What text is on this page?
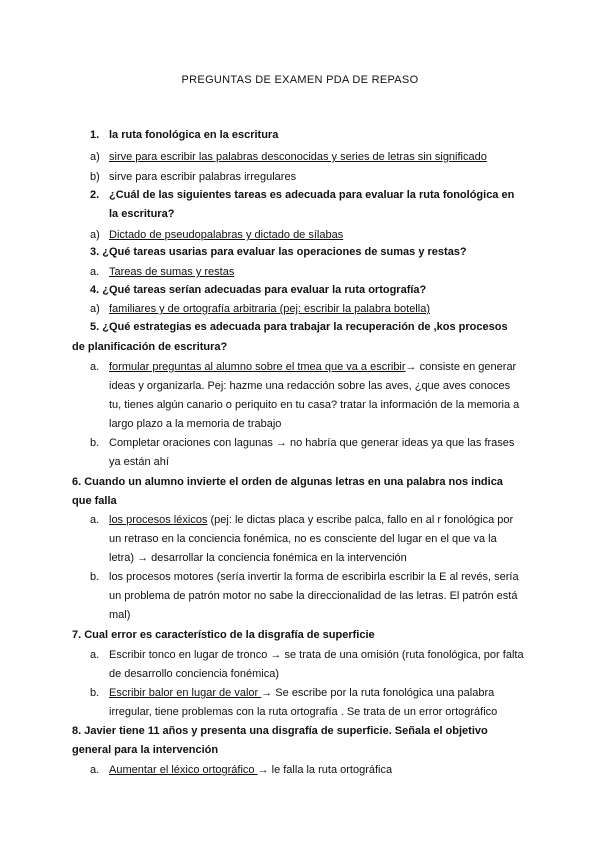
PREGUNTAS DE EXAMEN PDA DE REPASO
1. la ruta fonológica en la escritura
a) sirve para escribir las palabras desconocidas y series de letras sin significado
b) sirve para escribir palabras irregulares
2. ¿Cuál de las siguientes tareas es adecuada para evaluar la ruta fonológica en
la escritura?
a) Dictado de pseudopalabras y dictado de sílabas
3. ¿Qué tareas usarias para evaluar las operaciones de sumas y restas?
a. Tareas de sumas y restas
4. ¿Qué tareas serían adecuadas para evaluar la ruta ortografía?
a) familiares y de ortografía arbitraria (pej: escribir la palabra botella)
5. ¿Qué estrategias es adecuada para trabajar la recuperación de ,kos procesos
de planificación de escritura?
a. formular preguntas al alumno sobre el tmea que va a escribir→ consiste en generar
ideas y organizarla. Pej: hazme una redacción sobre las aves, ¿que aves conoces
tu, tienes algún canario o periquito en tu casa? tratar la información de la memoria a
largo plazo a la memoria de trabajo
b. Completar oraciones con lagunas → no habría que generar ideas ya que las frases
ya están ahí
6. Cuando un alumno invierte el orden de algunas letras en una palabra nos indica
que falla
a. los procesos léxicos (pej: le dictas placa y escribe palca, fallo en al r fonológica por
un retraso en la conciencia fonémica, no es consciente del lugar en el que va la
letra) → desarrollar la conciencia fonémica en la intervención
b. los procesos motores (sería invertir la forma de escribirla escribir la E al revés, sería
un problema de patrón motor no sabe la direccionalidad de las letras. El patrón está
mal)
7. Cual error es característico de la disgrafía de superficie
a. Escribir tonco en lugar de tronco → se trata de una omisión (ruta fonológica, por falta
de desarrollo conciencia fonémica)
b. Escribir balor en lugar de valor → Se escribe por la ruta fonológica una palabra
irregular, tiene problemas con la ruta ortografía . Se trata de un error ortográfico
8. Javier tiene 11 años y presenta una disgrafía de superficie. Señala el objetivo
general para la intervención
a. Aumentar el léxico ortográfico → le falla la ruta ortográfica
